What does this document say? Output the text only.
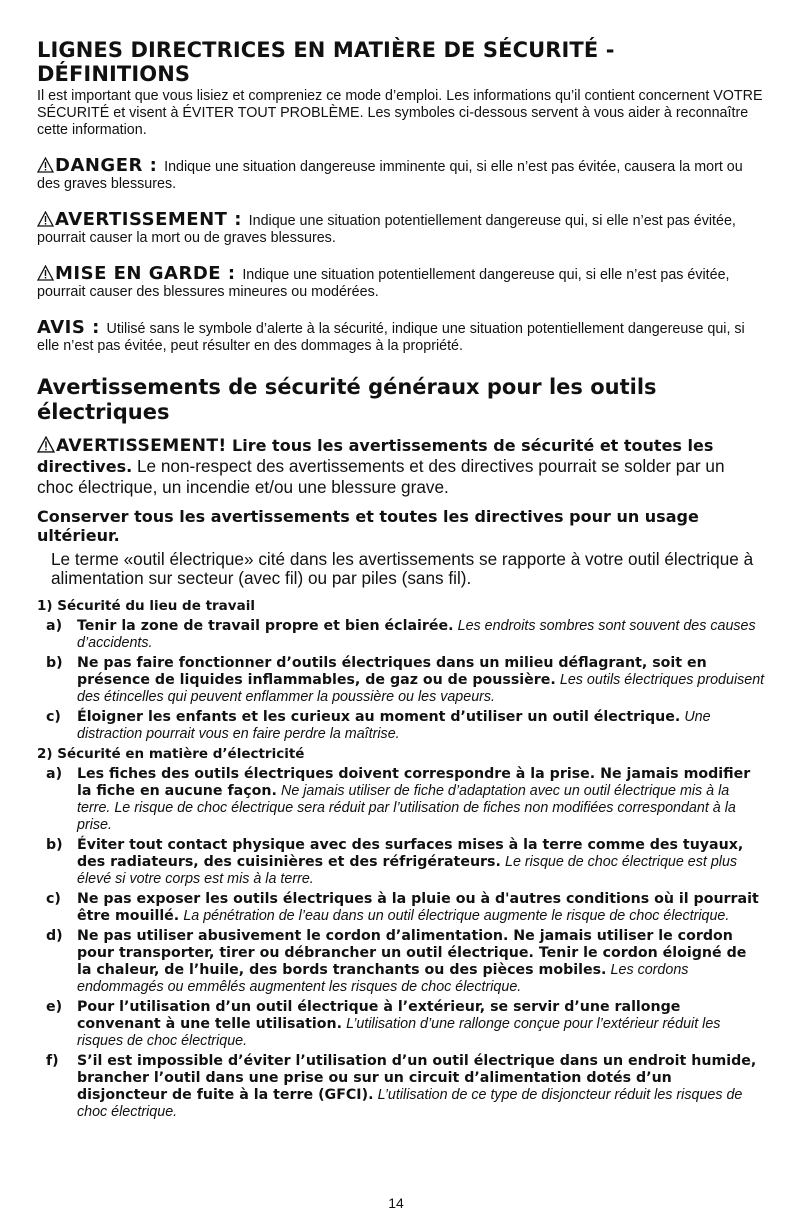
LIGNES DIRECTRICES EN MATIÈRE DE SÉCURITÉ -
DÉFINITIONS

Il est important que vous lisiez et compreniez ce mode d’emploi. Les informations qu’il contient concernent VOTRE SÉCURITÉ et visent à ÉVITER TOUT PROBLÈME. Les symboles ci-dessous servent à vous aider à reconnaître cette information.

DANGER : Indique une situation dangereuse imminente qui, si elle n’est pas évitée, causera la mort ou des graves blessures.

AVERTISSEMENT : Indique une situation potentiellement dangereuse qui, si elle n’est pas évitée, pourrait causer la mort ou de graves blessures.

MISE EN GARDE : Indique une situation potentiellement dangereuse qui, si elle n’est pas évitée, pourrait causer des blessures mineures ou modérées.

AVIS : Utilisé sans le symbole d’alerte à la sécurité, indique une situation potentiellement dangereuse qui, si elle n’est pas évitée, peut résulter en des dommages à la propriété.

Avertissements de sécurité généraux pour les outils
électriques

AVERTISSEMENT! Lire tous les avertissements de sécurité et toutes les directives. Le non-respect des avertissements et des directives pourrait se solder par un choc électrique, un incendie et/ou une blessure grave.

Conserver tous les avertissements et toutes les directives pour un usage ultérieur.

Le terme «outil électrique» cité dans les avertissements se rapporte à votre outil électrique à alimentation sur secteur (avec fil) ou par piles (sans fil).

1) Sécurité du lieu de travail
a)	Tenir la zone de travail propre et bien éclairée. Les endroits sombres sont souvent des causes d’accidents.
b)	Ne pas faire fonctionner d’outils électriques dans un milieu déflagrant, soit en présence de liquides inflammables, de gaz ou de poussière. Les outils électriques produisent des étincelles qui peuvent enflammer la poussière ou les vapeurs.
c)	Éloigner les enfants et les curieux au moment d’utiliser un outil électrique. Une distraction pourrait vous en faire perdre la maîtrise.
2) Sécurité en matière d’électricité
a)	Les fiches des outils électriques doivent correspondre à la prise. Ne jamais modifier la fiche en aucune façon. Ne jamais utiliser de fiche d’adaptation avec un outil électrique mis à la terre. Le risque de choc électrique sera réduit par l’utilisation de fiches non modifiées correspondant à la prise.
b)	Éviter tout contact physique avec des surfaces mises à la terre comme des tuyaux, des radiateurs, des cuisinières et des réfrigérateurs. Le risque de choc électrique est plus élevé si votre corps est mis à la terre.
c)	Ne pas exposer les outils électriques à la pluie ou à d'autres conditions où il pourrait être mouillé. La pénétration de l’eau dans un outil électrique augmente le risque de choc électrique.
d)	Ne pas utiliser abusivement le cordon d’alimentation. Ne jamais utiliser le cordon pour transporter, tirer ou débrancher un outil électrique. Tenir le cordon éloigné de la chaleur, de l’huile, des bords tranchants ou des pièces mobiles. Les cordons endommagés ou emmêlés augmentent les risques de choc électrique.
e)	Pour l’utilisation d’un outil électrique à l’extérieur, se servir d’une rallonge convenant à une telle utilisation. L’utilisation d’une rallonge conçue pour l’extérieur réduit les risques de choc électrique.
f)	S’il est impossible d’éviter l’utilisation d’un outil électrique dans un endroit humide, brancher l’outil dans une prise ou sur un circuit d’alimentation dotés d’un disjoncteur de fuite à la terre (GFCI). L’utilisation de ce type de disjoncteur réduit les risques de choc électrique.
14
